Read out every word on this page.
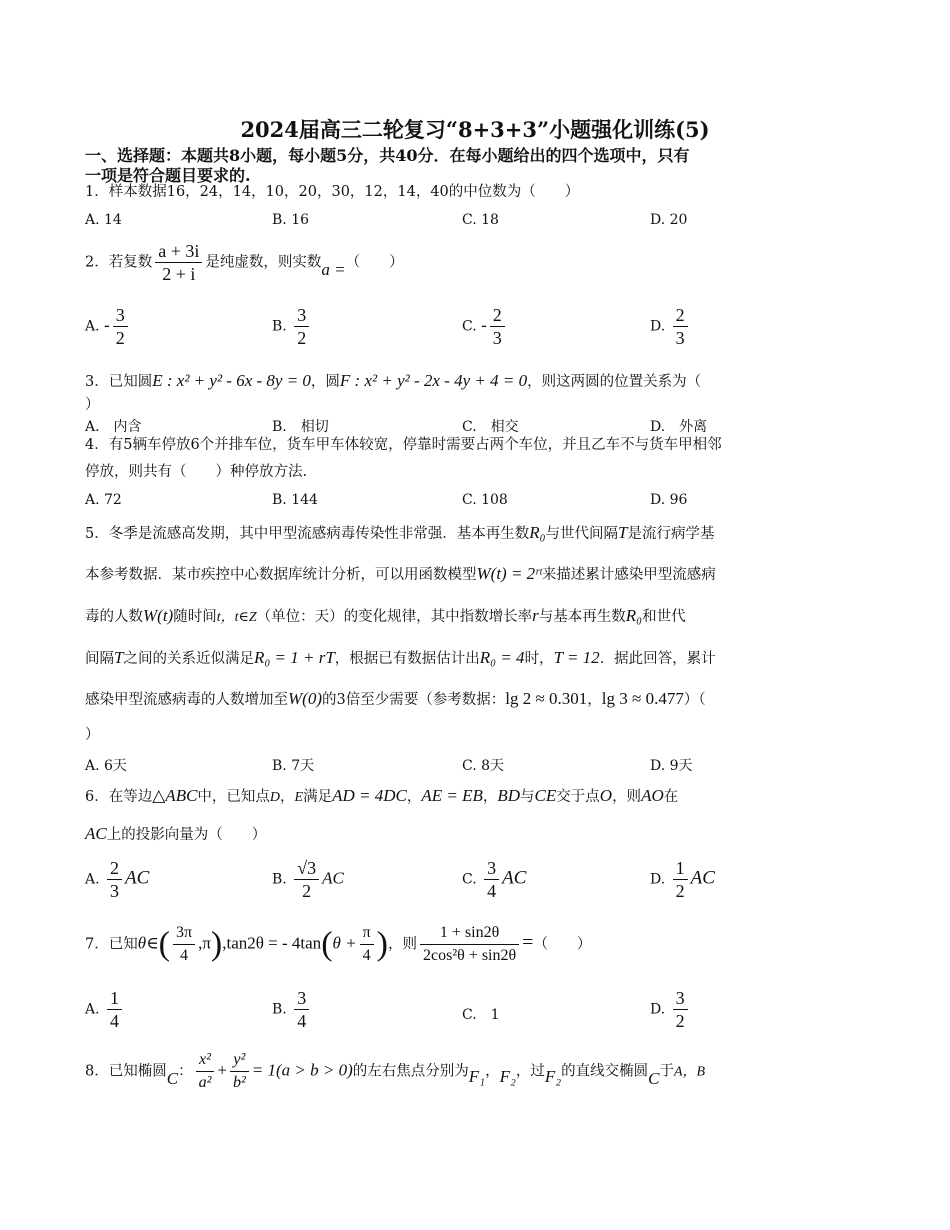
2024届高三二轮复习“8+3+3”小题强化训练(5)
一、选择题：本题共8小题，每小题5分，共40分．在每小题给出的四个选项中，只有
一项是符合题目要求的.
1．样本数据16，24，14，10，20，30，12，14，40的中位数为（　　）
A. 14	B. 16	C. 18	D. 20
2．若复数 $\frac{a + 3i}{2 + i}$ 是纯虚数，则实数a =（　　）
A. - $\frac{3}{2}$	B. $\frac{3}{2}$	C. - $\frac{2}{3}$	D. $\frac{2}{3}$
3．已知圆E : x² + y² - 6x - 8y = 0，圆F : x² + y² - 2x - 4y + 4 = 0，则这两圆的位置关系为（
）
A.　内含	B.　相切	C.　相交	D.　外离
4．有5辆车停放6个并排车位，货车甲车体较宽，停靠时需要占两个车位，并且乙车不与货车甲相邻
停放，则共有（　　）种停放方法.
A. 72	B. 144	C. 108	D. 96
5．冬季是流感高发期，其中甲型流感病毒传染性非常强．基本再生数R₀与世代间隔T是流行病学基
本参考数据．某市疾控中心数据库统计分析，可以用函数模型W(t) = 2ʳᵗ来描述累计感染甲型流感病
毒的人数W(t)随时间t，t∈Z（单位：天）的变化规律，其中指数增长率r与基本再生数R₀和世代
间隔T之间的关系近似满足R₀ = 1 + rT，根据已有数据估计出R₀ = 4时，T = 12．据此回答，累计
感染甲型流感病毒的人数增加至W(0)的3倍至少需要（参考数据：lg 2 ≈ 0.301，lg 3 ≈ 0.477）（
）
A. 6天	B. 7天	C. 8天	D. 9天
6．在等边△ABC中，已知点D，E满足AD = 4DC，AE = EB，BD与CE交于点O，则AO在
AC上的投影向量为（　　）
A. $\frac{2}{3}$ AC	B. $\frac{√3}{2}$ AC	C. $\frac{3}{4}$ AC	D. $\frac{1}{2}$ AC
7．已知θ∈( $\frac{3\pi}{4} ,\pi),\tan 2\theta$ = - $4\tan(\theta + \frac{\pi}{4}$ )，则 $\frac{1 + \sin 2\theta}{\text{2cos²θ + sin2θ}}$ =（　　）
A. $\frac{1}{4}$	B. $\frac{3}{4}$	C.　1	D. $\frac{3}{2}$
8．已知椭圆C： $\frac{\text{x²}}{\text{a²}} + \frac{\text{y²}}{\text{b²}} = 1(a > b > 0)$的左右焦点分别为F₁，F₂，过F₂的直线交椭圆C于A，B
